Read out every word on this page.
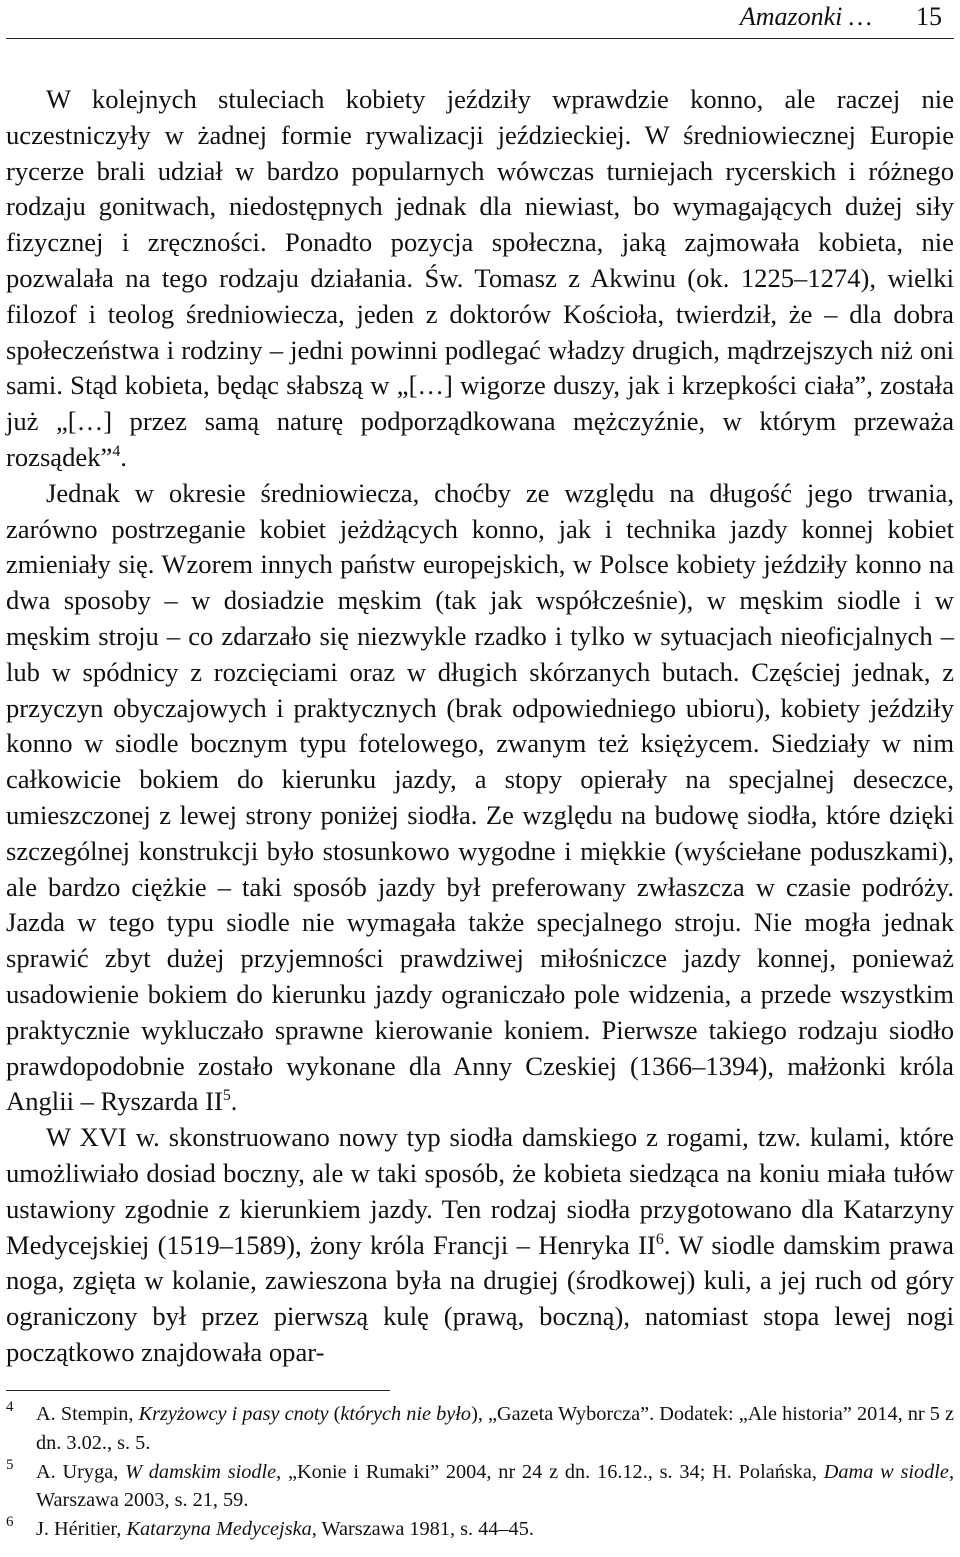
Amazonki … 15

W kolejnych stuleciach kobiety jeździły wprawdzie konno, ale raczej nie uczestniczyły w żadnej formie rywalizacji jeździeckiej. W średniowiecznej Europie rycerze brali udział w bardzo popularnych wówczas turniejach rycerskich i różnego rodzaju gonitwach, niedostępnych jednak dla niewiast, bo wymagających dużej siły fizycznej i zręczności. Ponadto pozycja społeczna, jaką zajmowała kobieta, nie pozwalała na tego rodzaju działania. Św. Tomasz z Akwinu (ok. 1225–1274), wielki filozof i teolog średniowiecza, jeden z doktorów Kościoła, twierdził, że – dla dobra społeczeństwa i rodziny – jedni powinni podlegać władzy drugich, mądrzejszych niż oni sami. Stąd kobieta, będąc słabszą w „[…] wigorze duszy, jak i krzepkości ciała”, została już „[…] przez samą naturę podporządkowana mężczyźnie, w którym przeważa rozsądek”$^4$.

Jednak w okresie średniowiecza, choćby ze względu na długość jego trwania, zarówno postrzeganie kobiet jeżdżących konno, jak i technika jazdy konnej kobiet zmieniały się. Wzorem innych państw europejskich, w Polsce kobiety jeździły konno na dwa sposoby – w dosiadzie męskim (tak jak współcześnie), w męskim siodle i w męskim stroju – co zdarzało się niezwykle rzadko i tylko w sytuacjach nieoficjalnych – lub w spódnicy z rozcięciami oraz w długich skórzanych butach. Częściej jednak, z przyczyn obyczajowych i praktycznych (brak odpowiedniego ubioru), kobiety jeździły konno w siodle bocznym typu fotelowego, zwanym też księżycem. Siedziały w nim całkowicie bokiem do kierunku jazdy, a stopy opierały na specjalnej deseczce, umieszczonej z lewej strony poniżej siodła. Ze względu na budowę siodła, które dzięki szczególnej konstrukcji było stosunkowo wygodne i miękkie (wyściełane poduszkami), ale bardzo ciężkie – taki sposób jazdy był preferowany zwłaszcza w czasie podróży. Jazda w tego typu siodle nie wymagała także specjalnego stroju. Nie mogła jednak sprawić zbyt dużej przyjemności prawdziwej miłośniczce jazdy konnej, ponieważ usadowienie bokiem do kierunku jazdy ograniczało pole widzenia, a przede wszystkim praktycznie wykluczało sprawne kierowanie koniem. Pierwsze takiego rodzaju siodło prawdopodobnie zostało wykonane dla Anny Czeskiej (1366–1394), małżonki króla Anglii – Ryszarda $II^5$.

W XVI w. skonstruowano nowy typ siodła damskiego z rogami, tzw. kulami, które umożliwiało dosiad boczny, ale w taki sposób, że kobieta siedząca na koniu miała tułów ustawiony zgodnie z kierunkiem jazdy. Ten rodzaj siodła przygotowano dla Katarzyny Medycejskiej (1519–1589), żony króla Francji – Henryka $II^6$. W siodle damskim prawa noga, zgięta w kolanie, zawieszona była na drugiej (środkowej) kuli, a jej ruch od góry ograniczony był przez pierwszą kulę (prawą, boczną), natomiast stopa lewej nogi początkowo znajdowała opar-

4 A. Stempin, Krzyżowcy i pasy cnoty (których nie było), „Gazeta Wyborcza”. Dodatek: „Ale historia” 2014, nr 5 z dn. 3.02., s. 5.
5 A. Uryga, W damskim siodle, „Konie i Rumaki” 2004, nr 24 z dn. 16.12., s. 34; H. Polańska, Dama w siodle, Warszawa 2003, s. 21, 59.
6 J. Héritier, Katarzyna Medycejska, Warszawa 1981, s. 44–45.
